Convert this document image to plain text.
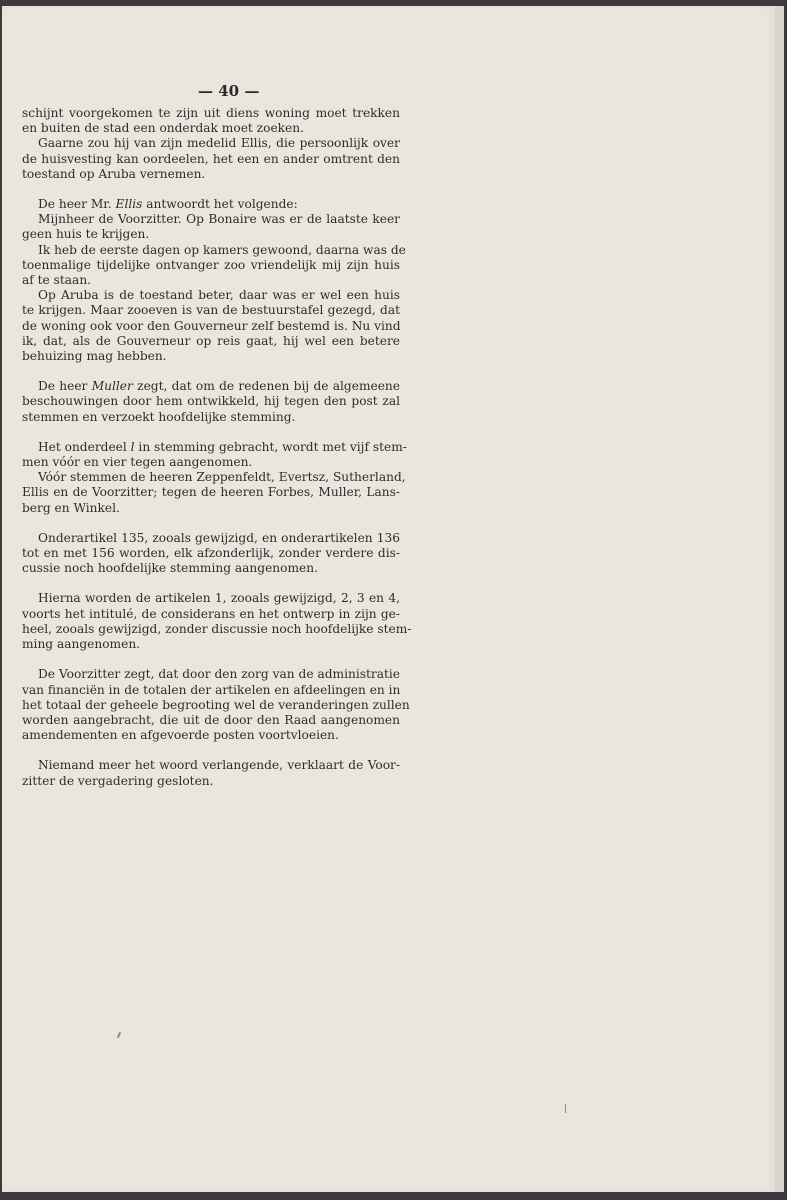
— 40 —
schijnt voorgekomen te zijn uit diens woning moet trekken
en buiten de stad een onderdak moet zoeken.
Gaarne zou hij van zijn medelid Ellis, die persoonlijk over
de huisvesting kan oordeelen, het een en ander omtrent den
toestand op Aruba vernemen.
De heer Mr. Ellis antwoordt het volgende:
Mijnheer de Voorzitter. Op Bonaire was er de laatste keer
geen huis te krijgen.
Ik heb de eerste dagen op kamers gewoond, daarna was de
toenmalige tijdelijke ontvanger zoo vriendelijk mij zijn huis
af te staan.
Op Aruba is de toestand beter, daar was er wel een huis
te krijgen. Maar zooeven is van de bestuurstafel gezegd, dat
de woning ook voor den Gouverneur zelf bestemd is. Nu vind
ik, dat, als de Gouverneur op reis gaat, hij wel een betere
behuizing mag hebben.
De heer Muller zegt, dat om de redenen bij de algemeene
beschouwingen door hem ontwikkeld, hij tegen den post zal
stemmen en verzoekt hoofdelijke stemming.
Het onderdeel l in stemming gebracht, wordt met vijf stem-
men vóór en vier tegen aangenomen.
Vóór stemmen de heeren Zeppenfeldt, Evertsz, Sutherland,
Ellis en de Voorzitter; tegen de heeren Forbes, Muller, Lans-
berg en Winkel.
Onderartikel 135, zooals gewijzigd, en onderartikelen 136
tot en met 156 worden, elk afzonderlijk, zonder verdere dis-
cussie noch hoofdelijke stemming aangenomen.
Hierna worden de artikelen 1, zooals gewijzigd, 2, 3 en 4,
voorts het intitulé, de considerans en het ontwerp in zijn ge-
heel, zooals gewijzigd, zonder discussie noch hoofdelijke stem-
ming aangenomen.
De Voorzitter zegt, dat door den zorg van de administratie
van financiën in de totalen der artikelen en afdeelingen en in
het totaal der geheele begrooting wel de veranderingen zullen
worden aangebracht, die uit de door den Raad aangenomen
amendementen en afgevoerde posten voortvloeien.
Niemand meer het woord verlangende, verklaart de Voor-
zitter de vergadering gesloten.
